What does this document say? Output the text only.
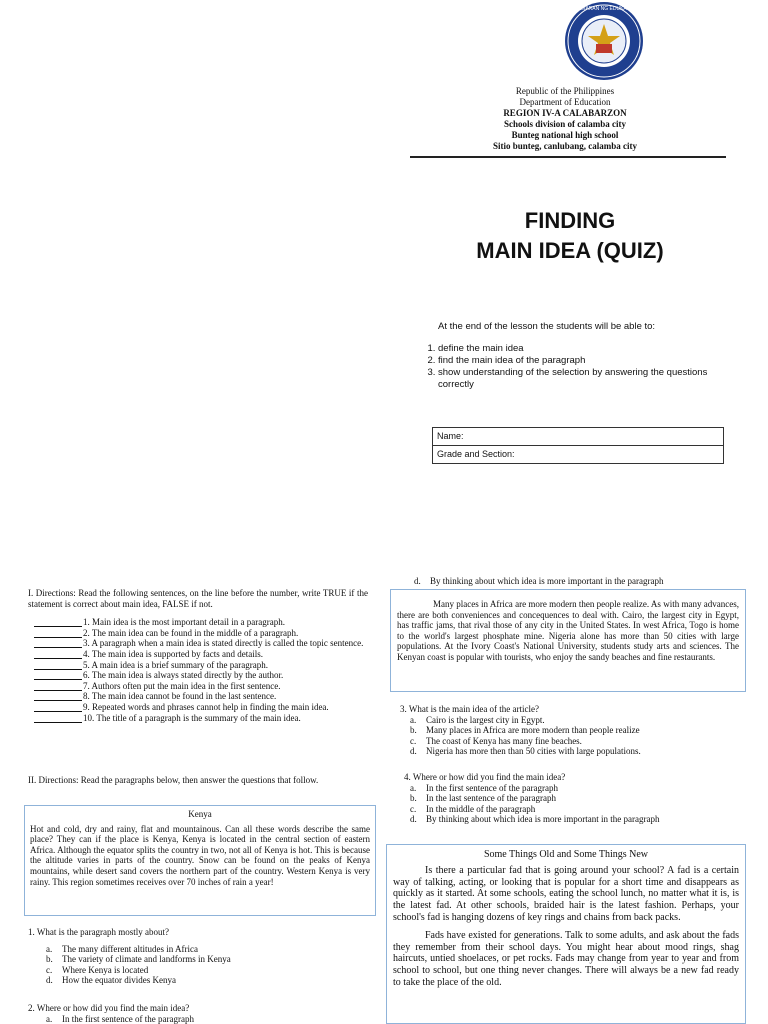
KAGAWARAN NG EDUKASYON
Republic of the Philippines
Department of Education
REGION IV-A CALABARZON
Schools division of calamba city
Bunteg national high school
Sitio bunteg, canlubang, calamba city
FINDING
MAIN IDEA (QUIZ)
At the end of the lesson the students will be able to:
1. define the main idea
2. find the main idea of the paragraph
3. show understanding of the selection by answering the questions correctly
Name:
Grade and Section:
I. Directions: Read the following sentences, on the line before the number, write TRUE if the statement is correct about main idea, FALSE if not.
1. Main idea is the most important detail in a paragraph.
2. The main idea can be found in the middle of a paragraph.
3. A paragraph when a main idea is stated directly is called the topic sentence.
4. The main idea is supported by facts and details.
5. A main idea is a brief summary of the paragraph.
6. The main idea is always stated directly by the author.
7. Authors often put the main idea in the first sentence.
8. The main idea cannot be found in the last sentence.
9. Repeated words and phrases cannot help in finding the main idea.
10. The title of a paragraph is the summary of the main idea.
II. Directions: Read the paragraphs below, then answer the questions that follow.
Kenya

Hot and cold, dry and rainy, flat and mountainous. Can all these words describe the same place? They can if the place is Kenya, Kenya is located in the central section of eastern Africa. Although the equator splits the country in two, not all of Kenya is hot. This is because the altitude varies in parts of the country. Snow can be found on the peaks of Kenya mountains, while desert sand covers the northern part of the country. Western Kenya is very rainy. This region sometimes receives over 70 inches of rain a year!

1. What is the paragraph mostly about?
a.	The many different altitudes in Africa
b.	The variety of climate and landforms in Kenya
c.	Where Kenya is located
d.	How the equator divides Kenya
2. Where or how did you find the main idea?
a.	In the first sentence of the paragraph
d.	By thinking about which idea is more important in the paragraph

Many places in Africa are more modern then people realize. As with many advances, there are both conveniences and concequences to deal with. Cairo, the largest city in Egypt, has traffic jams, that rival those of any city in the United States. In west Africa, Togo is home to the world's largest phosphate mine. Nigeria alone has more than 50 cities with large populations. At the Ivory Coast's National University, students study arts and sciences. The Kenyan coast is popular with tourists, who enjoy the sandy beaches and fine restaurants.

3. What is the main idea of the article?
a.	Cairo is the largest city in Egypt.
b.	Many places in Africa are more modern than people realize
c.	The coast of Kenya has many fine beaches.
d.	Nigeria has more then than 50 cities with large populations.
4. Where or how did you find the main idea?
a.	In the first sentence of the paragraph
b.	In the last sentence of the paragraph
c.	In the middle of the paragraph
d.	By thinking about which idea is more important in the paragraph
Some Things Old and Some Things New

Is there a particular fad that is going around your school? A fad is a certain way of talking, acting, or looking that is popular for a short time and disappears as quickly as it started. At some schools, eating the school lunch, no matter what it is, is the latest fad. At other schools, braided hair is the latest fashion. Perhaps, your school's fad is hanging dozens of key rings and chains from back packs.

Fads have existed for generations. Talk to some adults, and ask about the fads they remember from their school days. You might hear about mood rings, shag haircuts, untied shoelaces, or pet rocks. Fads may change from year to year and from school to school, but one thing never changes. There will always be a new fad ready to take the place of the old.
